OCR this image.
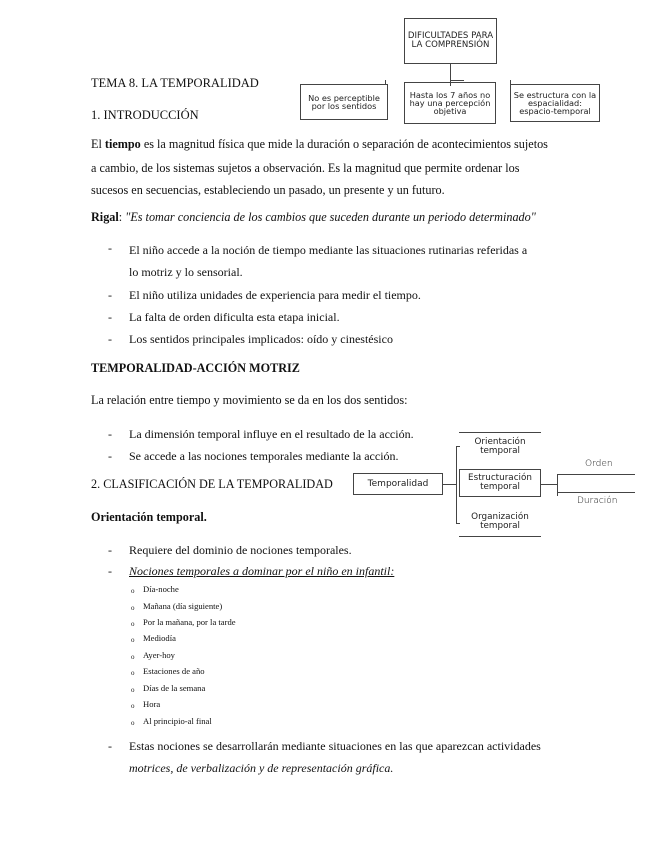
DIFICULTADES PARA LA COMPRENSIÓN
No es perceptible por los sentidos
Hasta los 7 años no hay una percepción objetiva
Se estructura con la espacialidad: espacio-temporal
TEMA 8. LA TEMPORALIDAD
1. INTRODUCCIÓN
El tiempo es la magnitud física que mide la duración o separación de acontecimientos sujetos
a cambio, de los sistemas sujetos a observación. Es la magnitud que permite ordenar los
sucesos en secuencias, estableciendo un pasado, un presente y un futuro.
Rigal: "Es tomar conciencia de los cambios que suceden durante un periodo determinado"
- El niño accede a la noción de tiempo mediante las situaciones rutinarias referidas a
lo motriz y lo sensorial.
- El niño utiliza unidades de experiencia para medir el tiempo.
- La falta de orden dificulta esta etapa inicial.
- Los sentidos principales implicados: oído y cinestésico
TEMPORALIDAD-ACCIÓN MOTRIZ
La relación entre tiempo y movimiento se da en los dos sentidos:
- La dimensión temporal influye en el resultado de la acción.
- Se accede a las nociones temporales mediante la acción.
2. CLASIFICACIÓN DE LA TEMPORALIDAD	Temporalidad
Orientación temporal
Estructuración temporal
Organización temporal
Orden
Duración
Orientación temporal.
- Requiere del dominio de nociones temporales.
- Nociones temporales a dominar por el niño en infantil:
o Día-noche
o Mañana (día siguiente)
o Por la mañana, por la tarde
o Mediodía
o Ayer-hoy
o Estaciones de año
o Días de la semana
o Hora
o Al principio-al final
- Estas nociones se desarrollarán mediante situaciones en las que aparezcan actividades
motrices, de verbalización y de representación gráfica.
